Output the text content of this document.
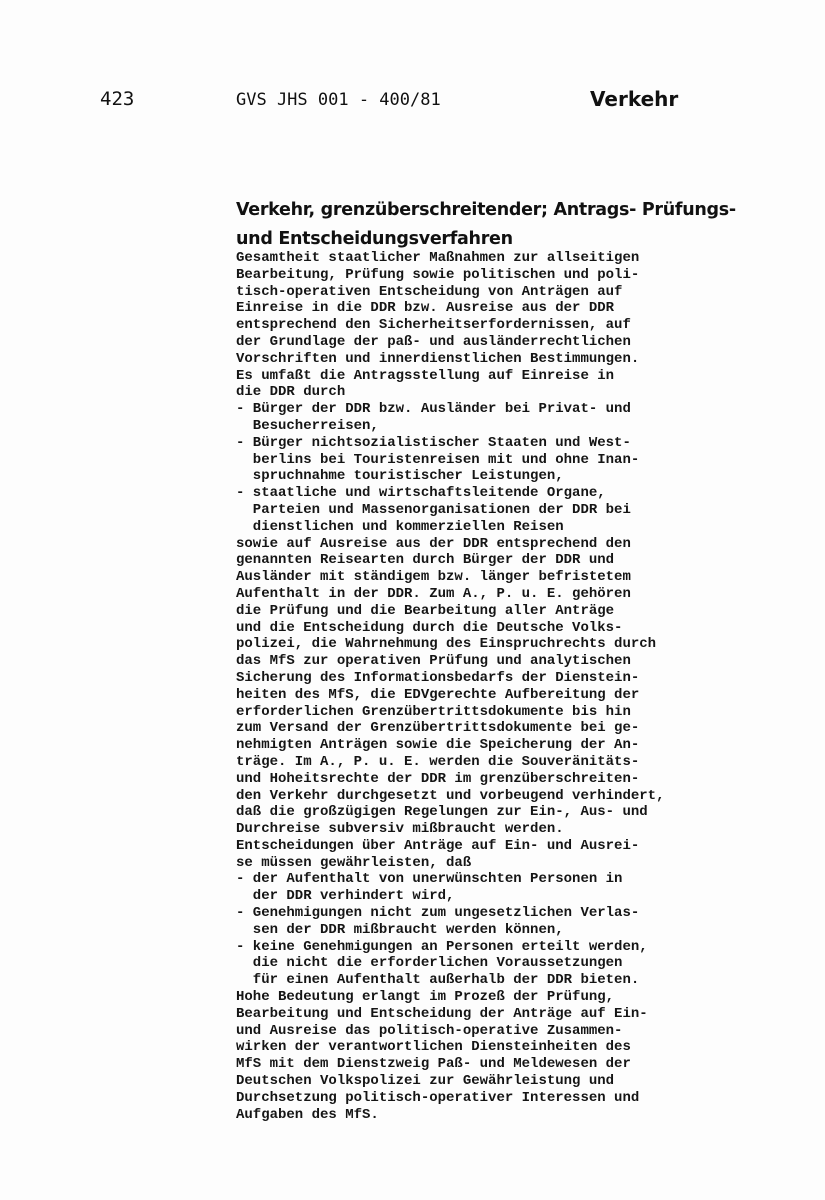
423	GVS JHS 001 - 400/81	Verkehr
Verkehr, grenzüberschreitender; Antrags- Prüfungs-
und Entscheidungsverfahren
Gesamtheit staatlicher Maßnahmen zur allseitigen
Bearbeitung, Prüfung sowie politischen und poli-
tisch-operativen Entscheidung von Anträgen auf
Einreise in die DDR bzw. Ausreise aus der DDR
entsprechend den Sicherheitserfordernissen, auf
der Grundlage der paß- und ausländerrechtlichen
Vorschriften und innerdienstlichen Bestimmungen.
Es umfaßt die Antragsstellung auf Einreise in
die DDR durch
- Bürger der DDR bzw. Ausländer bei Privat- und
Besucherreisen,
- Bürger nichtsozialistischer Staaten und West-
berlins bei Touristenreisen mit und ohne Inan-
spruchnahme touristischer Leistungen,
- staatliche und wirtschaftsleitende Organe,
Parteien und Massenorganisationen der DDR bei
dienstlichen und kommerziellen Reisen
sowie auf Ausreise aus der DDR entsprechend den
genannten Reisearten durch Bürger der DDR und
Ausländer mit ständigem bzw. länger befristetem
Aufenthalt in der DDR. Zum A., P. u. E. gehören
die Prüfung und die Bearbeitung aller Anträge
und die Entscheidung durch die Deutsche Volks-
polizei, die Wahrnehmung des Einspruchrechts durch
das MfS zur operativen Prüfung und analytischen
Sicherung des Informationsbedarfs der Dienstein-
heiten des MfS, die EDVgerechte Aufbereitung der
erforderlichen Grenzübertrittsdokumente bis hin
zum Versand der Grenzübertrittsdokumente bei ge-
nehmigten Anträgen sowie die Speicherung der An-
träge. Im A., P. u. E. werden die Souveränitäts-
und Hoheitsrechte der DDR im grenzüberschreiten-
den Verkehr durchgesetzt und vorbeugend verhindert,
daß die großzügigen Regelungen zur Ein-, Aus- und
Durchreise subversiv mißbraucht werden.
Entscheidungen über Anträge auf Ein- und Ausrei-
se müssen gewährleisten, daß
- der Aufenthalt von unerwünschten Personen in
der DDR verhindert wird,
- Genehmigungen nicht zum ungesetzlichen Verlas-
sen der DDR mißbraucht werden können,
- keine Genehmigungen an Personen erteilt werden,
die nicht die erforderlichen Voraussetzungen
für einen Aufenthalt außerhalb der DDR bieten.
Hohe Bedeutung erlangt im Prozeß der Prüfung,
Bearbeitung und Entscheidung der Anträge auf Ein-
und Ausreise das politisch-operative Zusammen-
wirken der verantwortlichen Diensteinheiten des
MfS mit dem Dienstzweig Paß- und Meldewesen der
Deutschen Volkspolizei zur Gewährleistung und
Durchsetzung politisch-operativer Interessen und
Aufgaben des MfS.
